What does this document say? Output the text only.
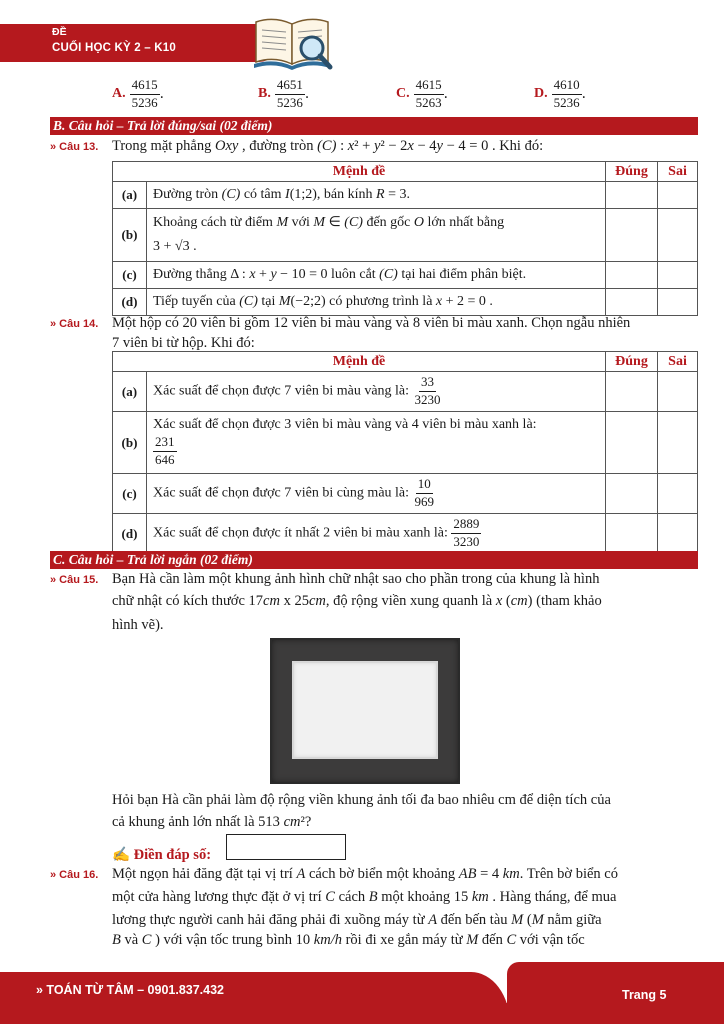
ĐỀ
CUỐI HỌC KỲ 2 – K10
A. $\frac{4615}{5236}$ .	B. $\frac{4651}{5236}$ .	C. $\frac{4615}{5263}$ .	D. $\frac{4610}{5236}$ .
B. Câu hỏi – Trả lời đúng/sai (02 điểm)
» Câu 13. Trong mặt phẳng Oxy , đường tròn (C) : x² + y² − 2x − 4y − 4 = 0 . Khi đó:
Mệnh đề		Đúng	Sai
(a)	Đường tròn (C) có tâm I(1;2), bán kính R = 3.		
(b)	Khoảng cách từ điểm M với M ∈ (C) đến gốc O lớn nhất bằng
3 + √3 .		
(c)	Đường thẳng Δ : x + y − 10 = 0 luôn cắt (C) tại hai điểm phân biệt.		
(d)	Tiếp tuyến của (C) tại M(−2;2) có phương trình là x + 2 = 0 .		
» Câu 14. Một hộp có 20 viên bi gồm 12 viên bi màu vàng và 8 viên bi màu xanh. Chọn ngẫu nhiên
7 viên bi từ hộp. Khi đó:
Mệnh đề		Đúng	Sai
(a)	Xác suất để chọn được 7 viên bi màu vàng là: $\frac{33}{3230}$

(b)	Xác suất để chọn được 3 viên bi màu vàng và 4 viên bi màu xanh là:

$\frac{231}{646}$

(c)	Xác suất để chọn được 7 viên bi cùng màu là: $\frac{10}{969}$

(d)	Xác suất để chọn được ít nhất 2 viên bi màu xanh là: $\frac{2889}{3230}$

C. Câu hỏi – Trả lời ngắn (02 điểm)
» Câu 15. Bạn Hà cần làm một khung ảnh hình chữ nhật sao cho phần trong của khung là hình
chữ nhật có kích thước 17cm x 25cm, độ rộng viền xung quanh là x (cm) (tham khảo
hình vẽ).
Hỏi bạn Hà cần phải làm độ rộng viền khung ảnh tối đa bao nhiêu cm để diện tích của
cả khung ảnh lớn nhất là 513 cm²?
✍ Điền đáp số:
» Câu 16. Một ngọn hải đăng đặt tại vị trí A cách bờ biển một khoảng AB = 4 km. Trên bờ biển có
một cửa hàng lương thực đặt ở vị trí C cách B một khoảng 15 km . Hàng tháng, để mua
lương thực người canh hải đăng phải đi xuồng máy từ A đến bến tàu M (M nằm giữa
B và C ) với vận tốc trung bình 10 km/h rồi đi xe gắn máy từ M đến C với vận tốc
» TOÁN TỪ TÂM – 0901.837.432	Trang 5
